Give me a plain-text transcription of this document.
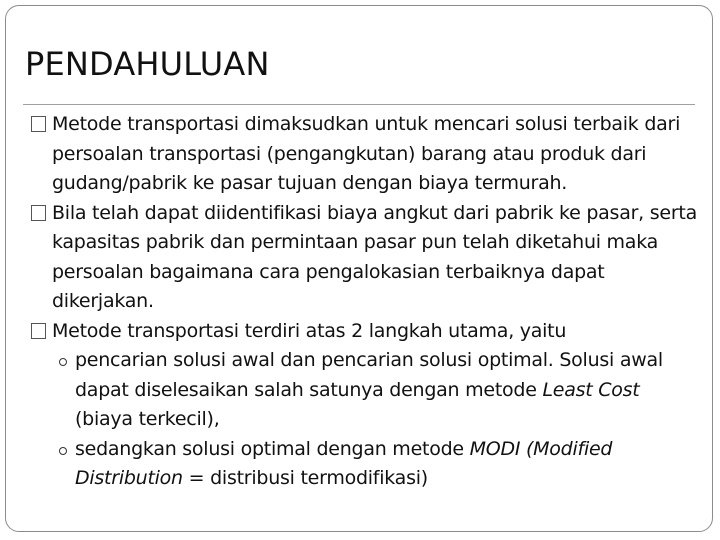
PENDAHULUAN

Metode transportasi dimaksudkan untuk mencari solusi terbaik dari persoalan transportasi (pengangkutan) barang atau produk dari gudang/pabrik ke pasar tujuan dengan biaya termurah.

Bila telah dapat diidentifikasi biaya angkut dari pabrik ke pasar, serta kapasitas pabrik dan permintaan pasar pun telah diketahui maka persoalan bagaimana cara pengalokasian terbaiknya dapat dikerjakan.

Metode transportasi terdiri atas 2 langkah utama, yaitu

pencarian solusi awal dan pencarian solusi optimal. Solusi awal dapat diselesaikan salah satunya dengan metode Least Cost (biaya terkecil),

sedangkan solusi optimal dengan metode MODI (Modified Distribution = distribusi termodifikasi)
